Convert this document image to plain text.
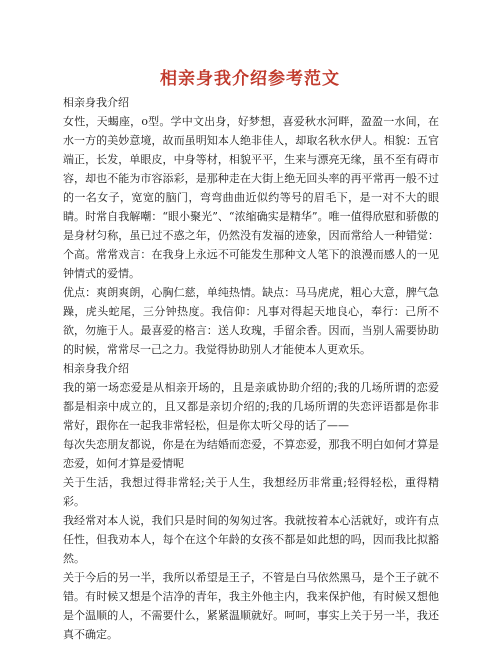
相亲身我介绍参考范文

相亲身我介绍

女性，天蝎座，o型。学中文出身，好梦想，喜爱秋水河畔，盈盈一水间，在水一方的美妙意境，故而虽明知本人绝非佳人，却取名秋水伊人。相貌：五官端正，长发，单眼皮，中身等材，相貌平平，生来与漂亮无缘，虽不至有碍市容，却也不能为市容添彩，是那种走在大街上绝无回头率的再平常再一般不过的一名女子，宽宽的脑门，弯弯曲曲近似约等号的眉毛下，是一对不大的眼睛。时常自我解嘲：“眼小聚光”、“浓缩确实是精华”。唯一值得欣慰和骄傲的是身材匀称，虽已过不惑之年，仍然没有发福的迹象，因而常给人一种错觉：个高。常常戏言：在我身上永远不可能发生那种文人笔下的浪漫而感人的一见钟情式的爱情。

优点：爽朗爽朗，心胸仁慈，单纯热情。缺点：马马虎虎，粗心大意，脾气急躁，虎头蛇尾，三分钟热度。我信仰：凡事对得起天地良心，奉行：己所不欲，勿施于人。最喜爱的格言：送人玫瑰，手留余香。因而，当别人需要协助的时候，常常尽一己之力。我觉得协助别人才能使本人更欢乐。

相亲身我介绍

我的第一场恋爱是从相亲开场的，且是亲戚协助介绍的;我的几场所谓的恋爱都是相亲中成立的，且又都是亲切介绍的;我的几场所谓的失恋评语都是你非常好，跟你在一起我非常轻松，但是你太听父母的话了——

每次失恋朋友都说，你是在为结婚而恋爱，不算恋爱，那我不明白如何才算是恋爱，如何才算是爱情呢

关于生活，我想过得非常轻;关于人生，我想经历非常重;轻得轻松，重得精彩。

我经常对本人说，我们只是时间的匆匆过客。我就按着本心活就好，或许有点任性，但我劝本人，每个在这个年龄的女孩不都是如此想的吗，因而我比拟豁然。

关于今后的另一半，我所以希望是王子，不管是白马依然黑马，是个王子就不错。有时候又想是个洁净的青年，我主外他主内，我来保护他，有时候又想他是个温顺的人，不需要什么，紧紧温顺就好。呵呵，事实上关于另一半，我还真不确定。
